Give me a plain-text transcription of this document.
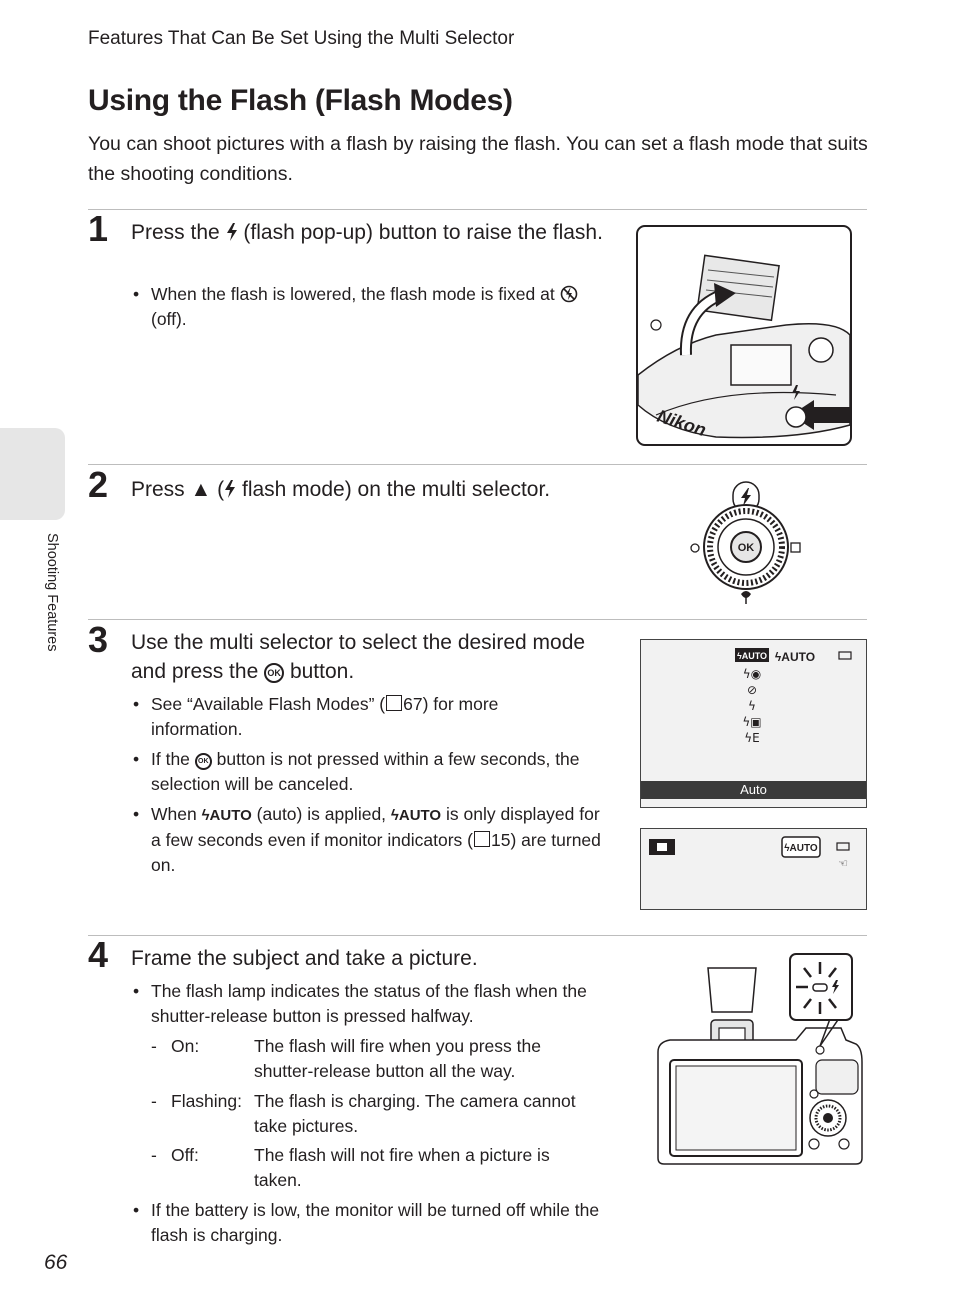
Features That Can Be Set Using the Multi Selector
Using the Flash (Flash Modes)
You can shoot pictures with a flash by raising the flash. You can set a flash mode that suits the shooting conditions.
Shooting Features
1 Press the (flash pop-up) button to raise the flash.
• When the flash is lowered, the flash mode is fixed at  (off).
Nikon
2 Press ▲ ( flash mode) on the multi selector.
OK
3 Use the multi selector to select the desired mode and press the OK button.
• See “Available Flash Modes” ( 67) for more information.
• If the OK button is not pressed within a few seconds, the selection will be canceled.
• When ϟAUTO (auto) is applied, ϟAUTO is only displayed for a few seconds even if monitor indicators ( 15) are turned on.
ϟAUTO ϟAUTO
ϟ◉
⊘
ϟ
ϟ▣
ϟE
Auto
ϟAUTO
☜
4 Frame the subject and take a picture.
• The flash lamp indicates the status of the flash when the shutter-release button is pressed halfway.
- On:	The flash will fire when you press the shutter-release button all the way.
- Flashing: The flash is charging. The camera cannot take pictures.
- Off:	The flash will not fire when a picture is taken.
• If the battery is low, the monitor will be turned off while the flash is charging.
66
